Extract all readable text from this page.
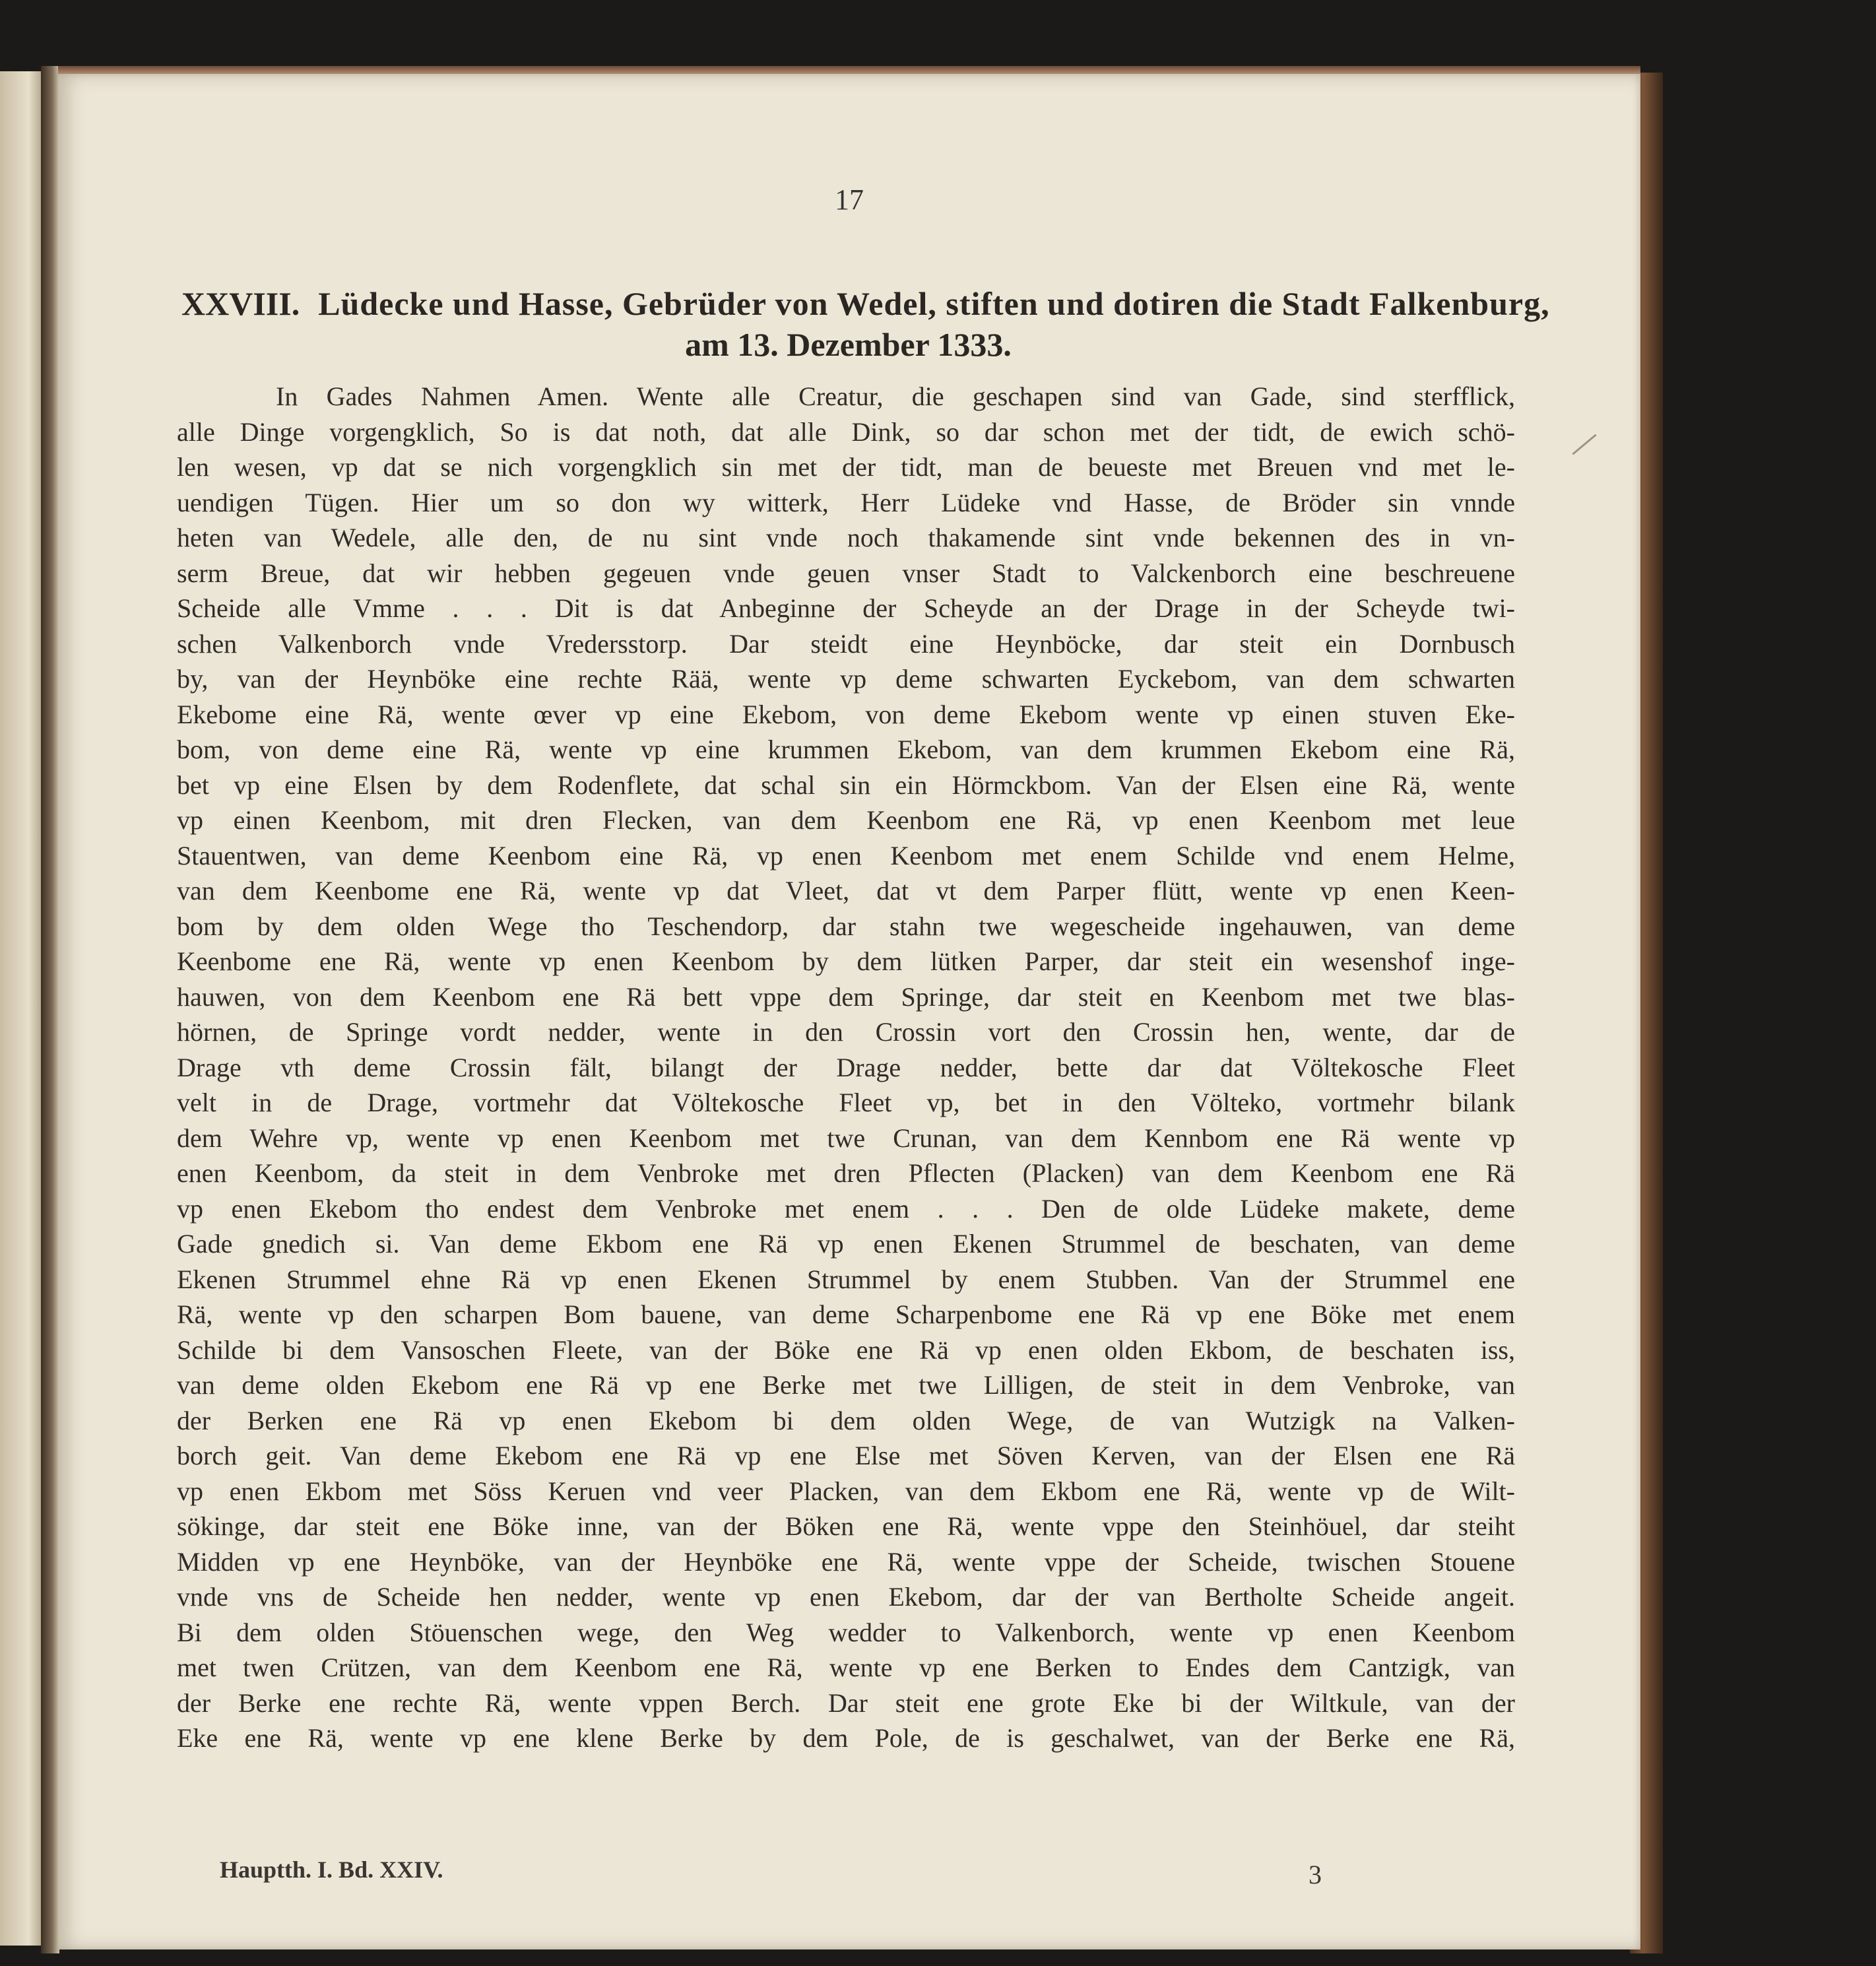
17
XXVIII. Lüdecke und Hasse, Gebrüder von Wedel, stiften und dotiren die Stadt Falkenburg,
am 13. Dezember 1333.
In Gades Nahmen Amen. Wente alle Creatur, die geschapen sind van Gade, sind sterfflick,
alle Dinge vorgengklich, So is dat noth, dat alle Dink, so dar schon met der tidt, de ewich schö-
len wesen, vp dat se nich vorgengklich sin met der tidt, man de beueste met Breuen vnd met le-
uendigen Tügen. Hier um so don wy witterk, Herr Lüdeke vnd Hasse, de Bröder sin vnnde
heten van Wedele, alle den, de nu sint vnde noch thakamende sint vnde bekennen des in vn-
serm Breue, dat wir hebben gegeuen vnde geuen vnser Stadt to Valckenborch eine beschreuene
Scheide alle Vmme . . . Dit is dat Anbeginne der Scheyde an der Drage in der Scheyde twi-
schen Valkenborch vnde Vredersstorp. Dar steidt eine Heynböcke, dar steit ein Dornbusch
by, van der Heynböke eine rechte Rää, wente vp deme schwarten Eyckebom, van dem schwarten
Ekebome eine Rä, wente œver vp eine Ekebom, von deme Ekebom wente vp einen stuven Eke-
bom, von deme eine Rä, wente vp eine krummen Ekebom, van dem krummen Ekebom eine Rä,
bet vp eine Elsen by dem Rodenflete, dat schal sin ein Hörmckbom. Van der Elsen eine Rä, wente
vp einen Keenbom, mit dren Flecken, van dem Keenbom ene Rä, vp enen Keenbom met leue
Stauentwen, van deme Keenbom eine Rä, vp enen Keenbom met enem Schilde vnd enem Helme,
van dem Keenbome ene Rä, wente vp dat Vleet, dat vt dem Parper flütt, wente vp enen Keen-
bom by dem olden Wege tho Teschendorp, dar stahn twe wegescheide ingehauwen, van deme
Keenbome ene Rä, wente vp enen Keenbom by dem lütken Parper, dar steit ein wesenshof inge-
hauwen, von dem Keenbom ene Rä bett vppe dem Springe, dar steit en Keenbom met twe blas-
hörnen, de Springe vordt nedder, wente in den Crossin vort den Crossin hen, wente, dar de
Drage vth deme Crossin fält, bilangt der Drage nedder, bette dar dat Völtekosche Fleet
velt in de Drage, vortmehr dat Völtekosche Fleet vp, bet in den Völteko, vortmehr bilank
dem Wehre vp, wente vp enen Keenbom met twe Crunan, van dem Kennbom ene Rä wente vp
enen Keenbom, da steit in dem Venbroke met dren Pflecten (Placken) van dem Keenbom ene Rä
vp enen Ekebom tho endest dem Venbroke met enem . . . Den de olde Lüdeke makete, deme
Gade gnedich si. Van deme Ekbom ene Rä vp enen Ekenen Strummel de beschaten, van deme
Ekenen Strummel ehne Rä vp enen Ekenen Strummel by enem Stubben. Van der Strummel ene
Rä, wente vp den scharpen Bom bauene, van deme Scharpenbome ene Rä vp ene Böke met enem
Schilde bi dem Vansoschen Fleete, van der Böke ene Rä vp enen olden Ekbom, de beschaten iss,
van deme olden Ekebom ene Rä vp ene Berke met twe Lilligen, de steit in dem Venbroke, van
der Berken ene Rä vp enen Ekebom bi dem olden Wege, de van Wutzigk na Valken-
borch geit. Van deme Ekebom ene Rä vp ene Else met Söven Kerven, van der Elsen ene Rä
vp enen Ekbom met Söss Keruen vnd veer Placken, van dem Ekbom ene Rä, wente vp de Wilt-
sökinge, dar steit ene Böke inne, van der Böken ene Rä, wente vppe den Steinhöuel, dar steiht
Midden vp ene Heynböke, van der Heynböke ene Rä, wente vppe der Scheide, twischen Stouene
vnde vns de Scheide hen nedder, wente vp enen Ekebom, dar der van Bertholte Scheide angeit.
Bi dem olden Stöuenschen wege, den Weg wedder to Valkenborch, wente vp enen Keenbom
met twen Crützen, van dem Keenbom ene Rä, wente vp ene Berken to Endes dem Cantzigk, van
der Berke ene rechte Rä, wente vppen Berch. Dar steit ene grote Eke bi der Wiltkule, van der
Eke ene Rä, wente vp ene klene Berke by dem Pole, de is geschalwet, van der Berke ene Rä,
Hauptth. I. Bd. XXIV.	3
